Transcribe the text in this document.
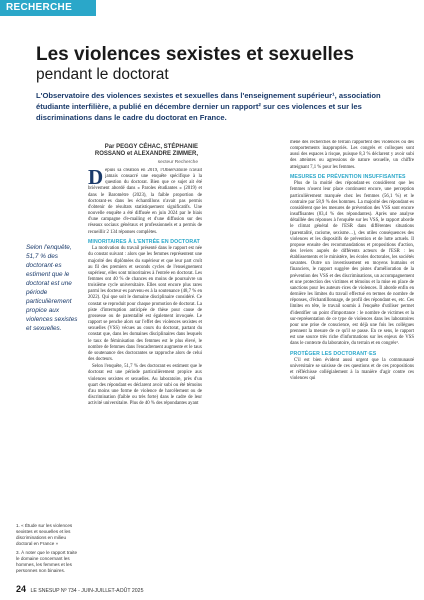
RECHERCHE
Les violences sexistes et sexuelles
pendant le doctorat

L'Observatoire des violences sexistes et sexuelles dans l'enseignement supérieur¹, association étudiante interfilière, a publié en décembre dernier un rapport² sur ces violences et sur les discriminations dans le cadre du doctorat en France.

Par PEGGY CÉHAC, STÉPHANIE ROSSANO et ALEXANDRE ZIMMER,
secteur Recherche
Selon l'enquête, 51,7 % des doctorant·es estiment que le doctorat est une période particulièrement propice aux violences sexistes et sexuelles.

Depuis sa création en 2019, l'Observatoire n'avait jamais consacré une enquête spécifique à la question du doctorat. Bien que ce sujet ait été brièvement abordé dans « Paroles étudiantes » (2019) et dans le Baromètre (2023), la faible proportion de doctorant·es dans les échantillons n'avait pas permis d'obtenir de résultats statistiquement significatifs. Une nouvelle enquête a été diffusée en juin 2024 par le biais d'une campagne d'e-mailing et d'une diffusion sur des réseaux sociaux généraux et professionnels et a permis de recueillir 2 134 réponses complètes.

MINORITAIRES À L'ENTRÉE EN DOCTORAT

La motivation du travail présenté dans le rapport est née du constat suivant : alors que les femmes représentent une majorité des diplômées du supérieur et que leur part croît au fil des premiers et seconds cycles de l'enseignement supérieur, elles sont minoritaires à l'entrée en doctorat. Les femmes ont 40 % de chances en moins de poursuivre un troisième cycle universitaire. Elles sont encore plus rares parmi les docteur·es parvenu·es à la soutenance (48,7 % en 2022). Qui que soit le domaine disciplinaire considéré. Ce constat se reproduit pour chaque promotion de doctorat. La piste d'interruption anticipée de thèse pour cause de grossesse ou de parentalité est également invoquée. Le rapport se penche alors sur l'effet des violences sexistes et sexuelles (VSS) vécues au cours du doctorat, partant du constat que, dans les domaines disciplinaires dans lesquels le taux de féminisation des femmes est le plus élevé, le nombre de femmes dans l'encadrement augmente et le taux de soutenance des doctorantes se rapproche alors de celui des docteurs.

Selon l'enquête, 51,7 % des doctorant·es estiment que le doctorat est une période particulièrement propice aux violences sexistes et sexuelles. Au laboratoire, près d'un quart des répondant·es déclarent avoir subi ou été témoins d'au moins une forme de violence de harcèlement ou de discrimination (faible ou très forte) dans le cadre de leur activité universitaire. Plus de 40 % des répondantes ayant

mené des recherches de terrain rapportent des violences ou des comportements inappropriés. Les congrès et colloques sont aussi des espaces à risque, puisque 8,3 % déclarent y avoir subi des atteintes ou agressions de nature sexuelle, un chiffre atteignant 7,1 % pour les femmes.

MESURES DE PRÉVENTION INSUFFISANTES

Plus de la moitié des répondant·es considèrent que les femmes n'osent leur place continuent encore, une perception particulièrement marquée chez les femmes (56,1 %) et le contraire par 58,9 % des hommes. La majorité des répondant·es considèrent que les mesures de prévention des VSS sont encore insuffisantes (83,4 % des répondantes). Après une analyse détaillée des réponses à l'enquête sur les VSS, le rapport aborde le climat général de l'ESR dans différentes situations (parentalité, racisme, sexisme…), des utiles conséquences des violences et les dispositifs de prévention et de lutte actuels. Il propose ensuite des recommandations et propositions d'action, des leviers auprès de différents acteurs de l'ESR : les établissements et le ministère, les écoles doctorales, les sociétés savantes. Outre un investissement en moyens humains et financiers, le rapport suggère des pistes d'amélioration de la prévention des VSS et des discriminations, un accompagnement et une protection des victimes et témoins et la mise en place de sanctions pour les auteurs·rices de violences. Il aborde enfin en dernière les limites du travail effectué en termes de nombre de réponses, d'échantillonnage, de profil des répondant·es, etc. Ces limites en tête, le travail soumis à l'enquête d'utiliser permet d'identifier un point d'importance : le nombre de victimes et la sur-représentation de ce type de violences dans les laboratoires pour une prise de conscience, est déjà une fois les collègues prennent la mesure de ce qu'il se passe. En ce sens, le rapport est une source très riche d'informations sur les enjeux de VSS dans le contexte du laboratoire, du terrain et en congrès³.

PROTÉGER LES DOCTORANT·ES

C'il est bien évident aussi urgent que la communauté universitaire se saisisse de ces questions et de ces propositions et réfléchisse collégialement à la manière d'agir contre ces violences qui

1. « Étude sur les violences sexistes et sexuelles et les discriminations en milieu doctoral en France »
3. À noter que le rapport traite le domaine concernant les hommes, les femmes et les personnes non binaires.
24 LE SNESUP Nº 734 - JUIN-JUILLET-AOÛT 2025
